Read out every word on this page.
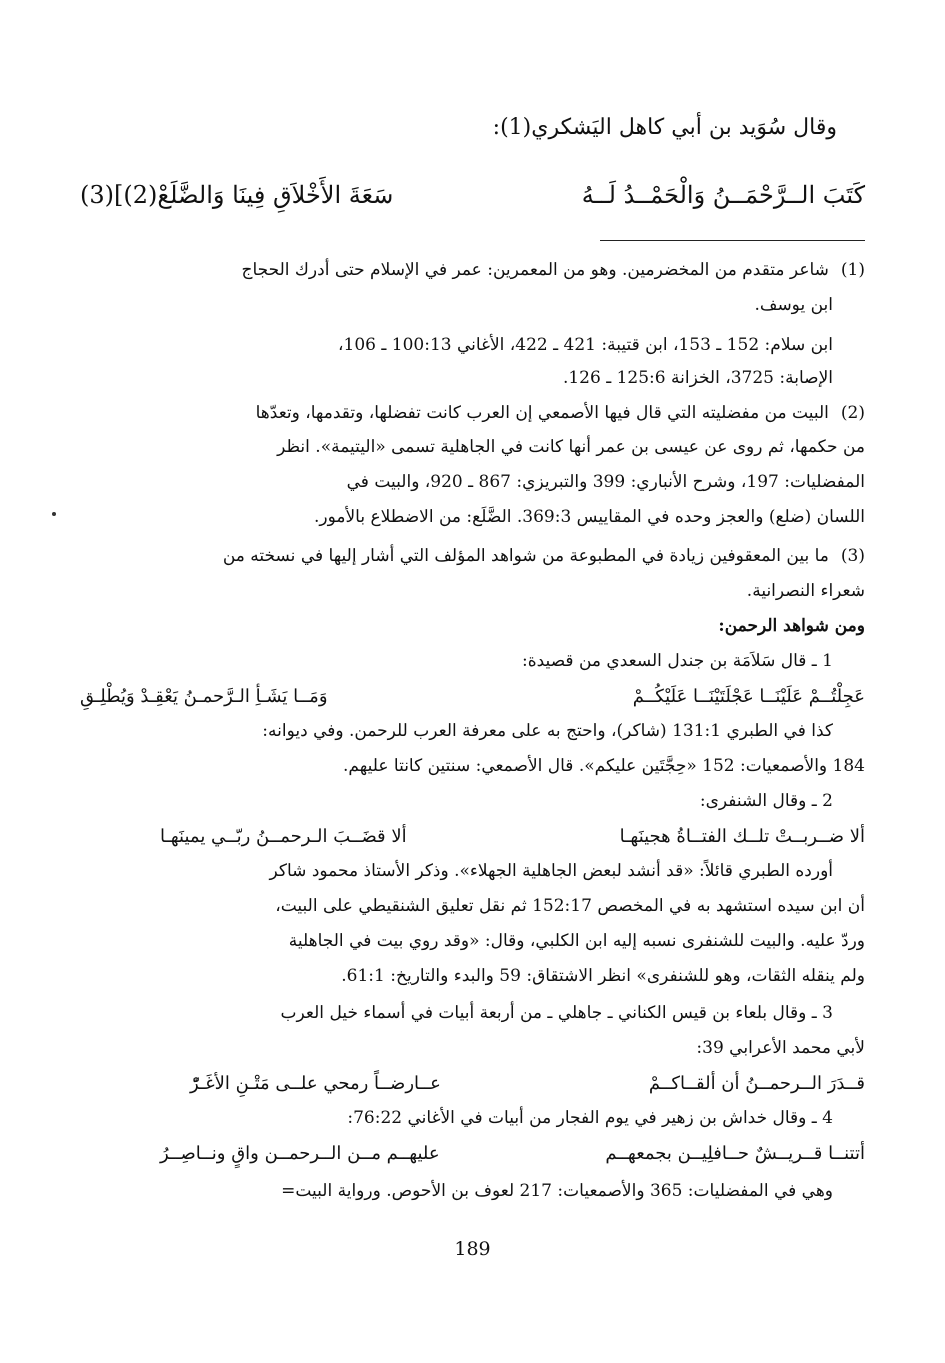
وقال سُوَيد بن أبي كاهل اليَشكري(1):
كَتَبَ الــرَّحْمَــنُ وَالْحَمْــدُ لَــهُ
سَعَةَ الأَخْلاَقِ فِينَا وَالضَّلَعْ(2)](3)
(1)شاعر متقدم من المخضرمين. وهو من المعمرين: عمر في الإسلام حتى أدرك الحجاج
ابن يوسف.
ابن سلام: 152 ـ 153، ابن قتيبة: 421 ـ 422، الأغاني 100:13 ـ 106،
الإصابة: 3725، الخزانة 125:6 ـ 126.
(2)البيت من مفضليته التي قال فيها الأصمعي إن العرب كانت تفضلها، وتقدمها، وتعدّها
من حكمها، ثم روى عن عيسى بن عمر أنها كانت في الجاهلية تسمى «اليتيمة». انظر
المفضليات: 197، وشرح الأنباري: 399 والتبريزي: 867 ـ 920، والبيت في
اللسان (ضلع) والعجز وحده في المقاييس 369:3. الضَّلَع: من الاضطلاع بالأمور.
(3)ما بين المعقوفين زيادة في المطبوعة من شواهد المؤلف التي أشار إليها في نسخته من
شعراء النصرانية.
ومن شواهد الرحمن:
1 ـ قال سَلاَمَة بن جندل السعدي من قصيدة:
عَجِلْتُــمْ عَلَيْنَــا عَجْلَتَيْنَــا عَلَيْكُــمْ
وَمَــا يَشَـأِ الـرَّحمـنُ يَعْقِـدْ وَيُطْلِـقِ
كذا في الطبري 131:1 (شاكر)، واحتج به على معرفة العرب للرحمن. وفي ديوانه:
184 والأصمعيات: 152 «حِجَّتَين عليكم». قال الأصمعي: سنتين كانتا عليهم.
2 ـ وقال الشنفرى:
ألا ضــربــتْ تلــك الفتــاةُ هجينَهـا
ألا قضَــبَ الـرحمــنُ ربّــي يمينَهـا
أورده الطبري قائلاً: «قد أنشد لبعض الجاهلية الجهلاء». وذكر الأستاذ محمود شاكر
أن ابن سيده استشهد به في المخصص 152:17 ثم نقل تعليق الشنقيطي على البيت،
وردّ عليه. والبيت للشنفرى نسبه إليه ابن الكلبي، وقال: «وقد روي بيت في الجاهلية
ولم ينقله الثقات، وهو للشنفرى» انظر الاشتقاق: 59 والبدء والتاريخ: 61:1.
3 ـ وقال بلعاء بن قيس الكناني ـ جاهلي ـ من أربعة أبيات في أسماء خيل العرب
لأبي محمد الأعرابي 39:
قــدَرَ الــرحمــنُ أن ألقــاكــمْ
عــارضــاً رمحي علــى مَتْـنِ الأغَـرّْ
4 ـ وقال خداش بن زهير في يوم الفجار من أبيات في الأغاني 76:22:
أتتنــا قــريــشٌ حــافلِيــن بجمعهــم
عليهــم مــن الــرحمــن واقٍ ونــاصِــرُ
وهي في المفضليات: 365 والأصمعيات: 217 لعوف بن الأحوص. ورواية البيت=
189
